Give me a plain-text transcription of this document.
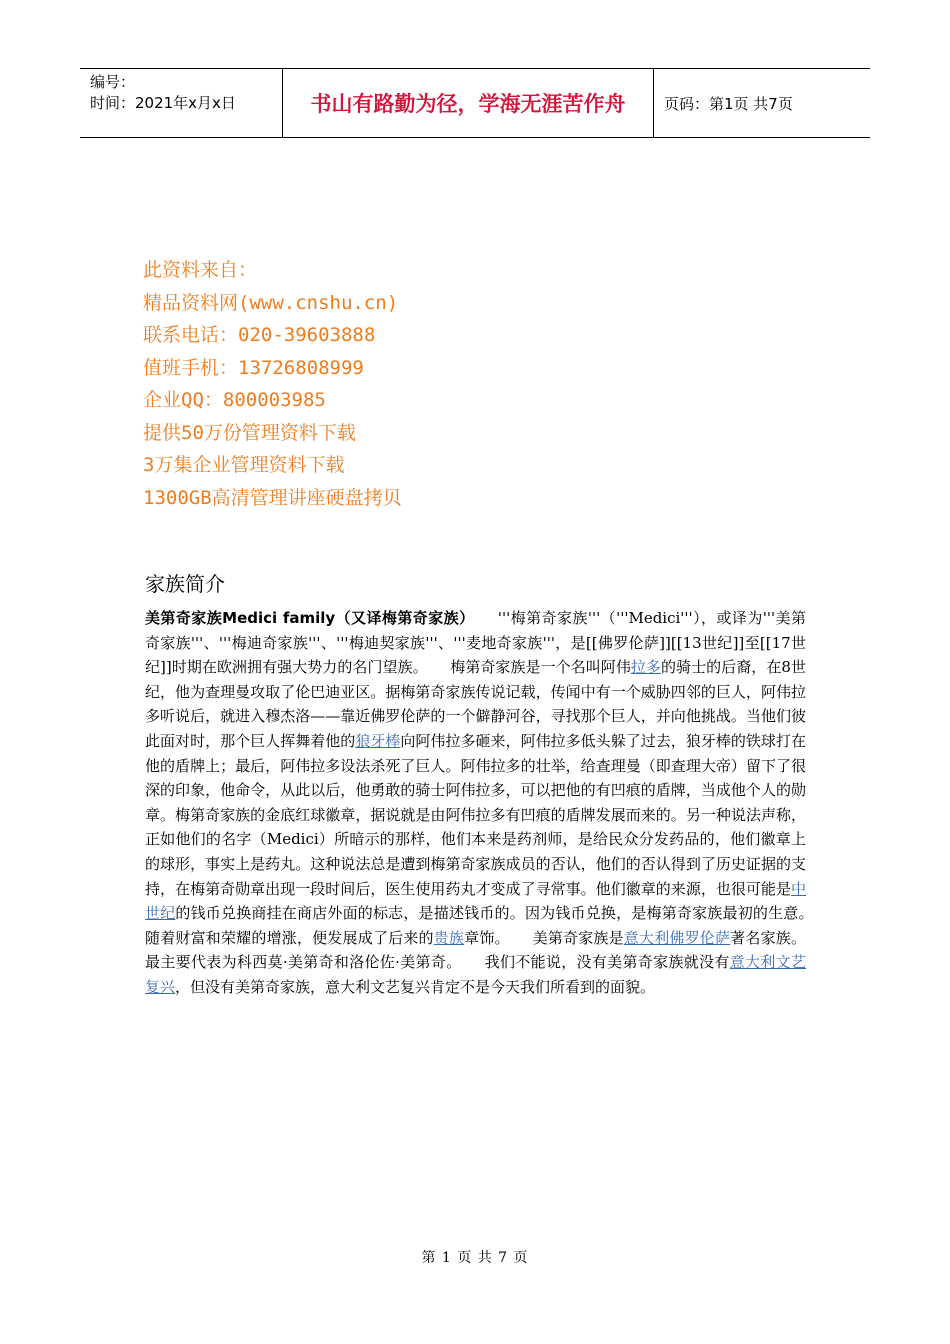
编号：
时间：2021年x月x日	书山有路勤为径，学海无涯苦作舟	页码：第1页 共7页
此资料来自：
精品资料网(www.cnshu.cn)
联系电话：020-39603888
值班手机：13726808999
企业QQ：800003985
提供50万份管理资料下载
3万集企业管理资料下载
1300GB高清管理讲座硬盘拷贝
家族简介
美第奇家族Medici family（又译梅第奇家族）　　'''梅第奇家族'''（'''Medici'''），或译为'''美第奇家族'''、'''梅迪奇家族'''、'''梅迪契家族'''、'''麦地奇家族'''，是[[佛罗伦萨]][[13世纪]]至[[17世纪]]时期在欧洲拥有强大势力的名门望族。　　梅第奇家族是一个名叫阿伟拉多的骑士的后裔，在8世纪，他为查理曼攻取了伦巴迪亚区。据梅第奇家族传说记载，传闻中有一个威胁四邻的巨人，阿伟拉多听说后，就进入穆杰洛——靠近佛罗伦萨的一个僻静河谷，寻找那个巨人，并向他挑战。当他们彼此面对时，那个巨人挥舞着他的狼牙棒向阿伟拉多砸来，阿伟拉多低头躲了过去，狼牙棒的铁球打在他的盾牌上；最后，阿伟拉多设法杀死了巨人。阿伟拉多的壮举，给查理曼（即查理大帝）留下了很深的印象，他命令，从此以后，他勇敢的骑士阿伟拉多，可以把他的有凹痕的盾牌，当成他个人的勋章。梅第奇家族的金底红球徽章，据说就是由阿伟拉多有凹痕的盾牌发展而来的。另一种说法声称，正如他们的名字（Medici）所暗示的那样，他们本来是药剂师，是给民众分发药品的，他们徽章上的球形，事实上是药丸。这种说法总是遭到梅第奇家族成员的否认，他们的否认得到了历史证据的支持，在梅第奇勋章出现一段时间后，医生使用药丸才变成了寻常事。他们徽章的来源，也很可能是中世纪的钱币兑换商挂在商店外面的标志，是描述钱币的。因为钱币兑换，是梅第奇家族最初的生意。　随着财富和荣耀的增涨，便发展成了后来的贵族章饰。　　美第奇家族是意大利佛罗伦萨著名家族。最主要代表为科西莫·美第奇和洛伦佐·美第奇。　　我们不能说，没有美第奇家族就没有意大利文艺复兴，但没有美第奇家族，意大利文艺复兴肯定不是今天我们所看到的面貌。
第 1 页 共 7 页
